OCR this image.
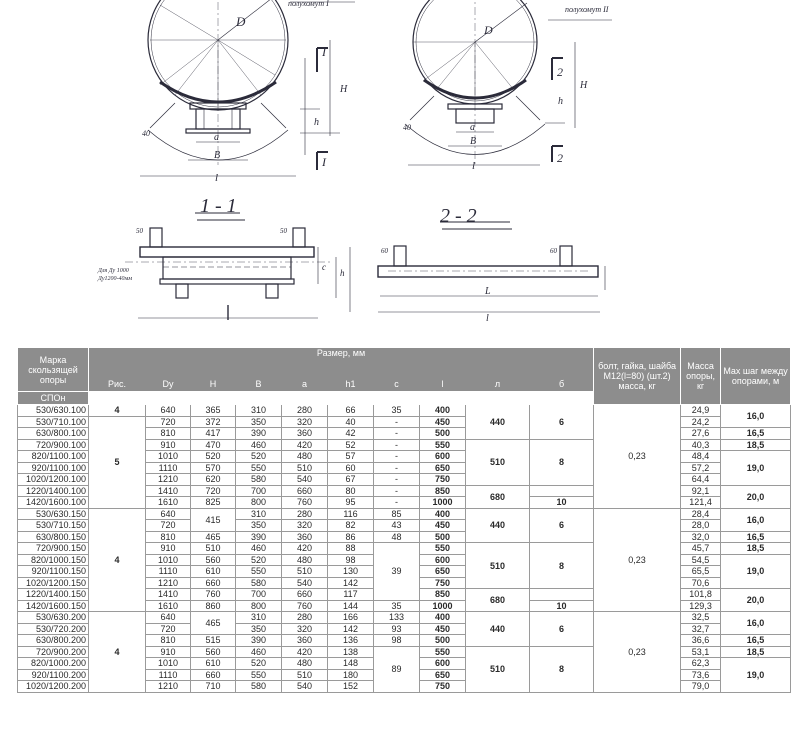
1 - 1	2 - 2
полухомут I
полухомут II
D
D
H	H
h
h
a
B
l
a
B
l
40
40
I
I
2
2
50	50
60	60
c
h
L
l
Для Ду 1000
Ду1200-40мм
Марка скользящей опоры	Размер, мм										болт, гайка, шайба М12(l=80) (шт.2) масса, кг	Масса опоры, кг	Мах шаг между опорами, м

СПОн	Рис.	Dy	H	B	a	h1	c	l	л	б			
530/630.100	4	640	365	310	280	66	35	400	440	6	0,23	24,9	16,0
530/710.100	5	720	372	350	320	40	-	450				24,2	
630/800.100		810	417	390	360	42	-	500				27,6	16,5
720/900.100		910	470	460	420	52	-	550	510	8		40,3	18,5
820/1100.100		1010	520	520	480	57	-	600				48,4	19,0
920/1100.100		1110	570	550	510	60	-	650				57,2	
1020/1200.100		1210	620	580	540	67	-	750				64,4	
1220/1400.100		1410	720	700	660	80	-	850	680			92,1	20,0
1420/1600.100		1610	825	800	760	95	-	1000		10		121,4	
530/630.150	4	640	415	310	280	116	85	400	440	6	0,23	28,4	16,0
530/710.150		720		350	320	82	43	450				28,0	
630/800.150		810	465	390	360	86	48	500				32,0	16,5
720/900.150		910	510	460	420	88	39	550	510	8		45,7	18,5
820/1000.150		1010	560	520	480	98		600				54,5	19,0
920/1100.150		1110	610	550	510	130		650				65,5	
1020/1200.150		1210	660	580	540	142		750				70,6	
1220/1400.150		1410	760	700	660	117		850	680			101,8	20,0
1420/1600.150		1610	860	800	760	144	35	1000		10		129,3	
530/630.200	4	640	465	310	280	166	133	400	440	6	0,23	32,5	16,0
530/720.200		720		350	320	142	93	450				32,7	
630/800.200		810	515	390	360	136	98	500				36,6	16,5
720/900.200		910	560	460	420	138	89	550	510	8		53,1	18,5
820/1000.200		1010	610	520	480	148		600				62,3	19,0
920/1100.200		1110	660	550	510	180		650				73,6	
1020/1200.200		1210	710	580	540	152		750				79,0	
